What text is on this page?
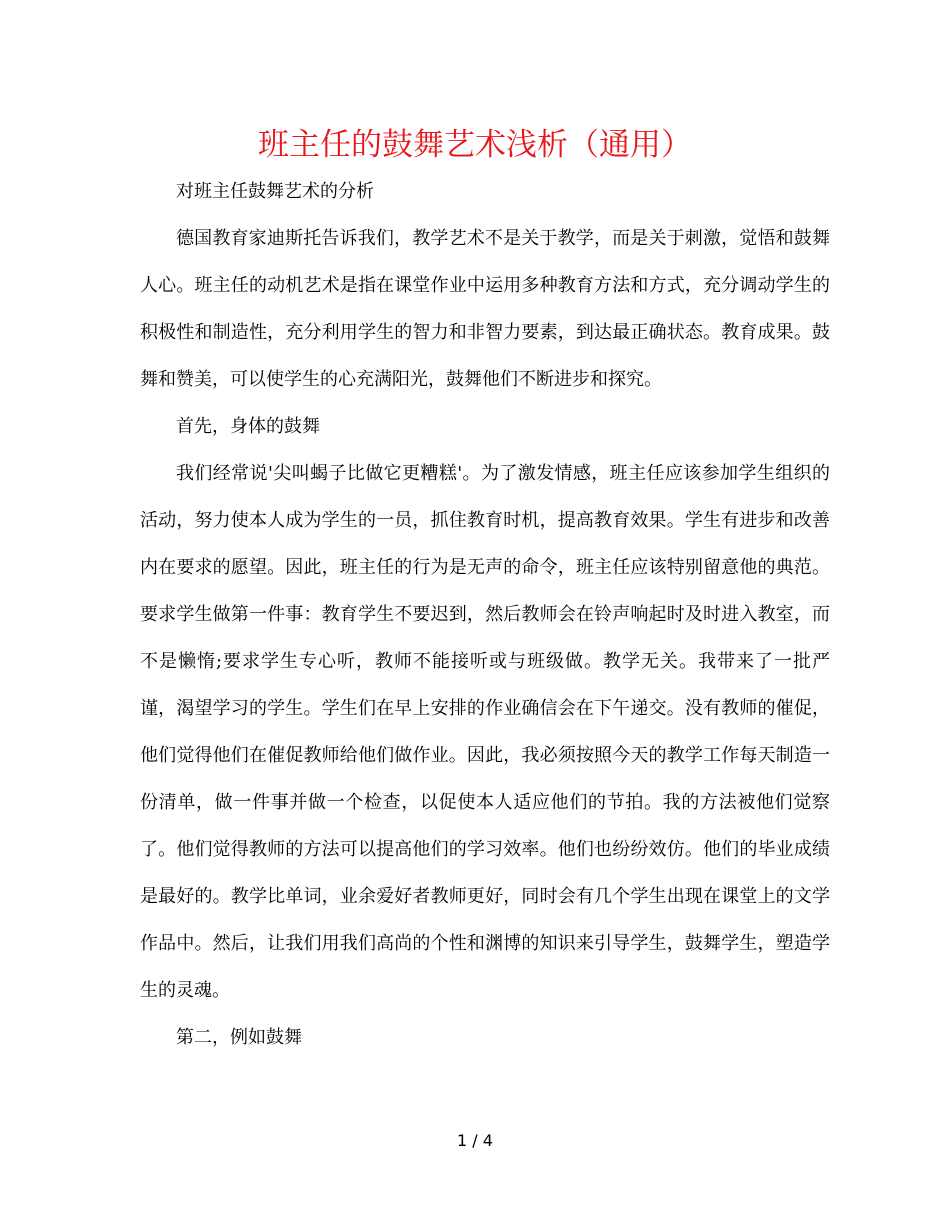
班主任的鼓舞艺术浅析（通用）

对班主任鼓舞艺术的分析

德国教育家迪斯托告诉我们，教学艺术不是关于教学，而是关于刺激，觉悟和鼓舞人心。班主任的动机艺术是指在课堂作业中运用多种教育方法和方式，充分调动学生的积极性和制造性，充分利用学生的智力和非智力要素，到达最正确状态。教育成果。鼓舞和赞美，可以使学生的心充满阳光，鼓舞他们不断进步和探究。

首先，身体的鼓舞

我们经常说'尖叫蝎子比做它更糟糕'。为了激发情感，班主任应该参加学生组织的活动，努力使本人成为学生的一员，抓住教育时机，提高教育效果。学生有进步和改善内在要求的愿望。因此，班主任的行为是无声的命令，班主任应该特别留意他的典范。要求学生做第一件事：教育学生不要迟到，然后教师会在铃声响起时及时进入教室，而不是懒惰;要求学生专心听，教师不能接听或与班级做。教学无关。我带来了一批严谨，渴望学习的学生。学生们在早上安排的作业确信会在下午递交。没有教师的催促，他们觉得他们在催促教师给他们做作业。因此，我必须按照今天的教学工作每天制造一份清单，做一件事并做一个检查，以促使本人适应他们的节拍。我的方法被他们觉察了。他们觉得教师的方法可以提高他们的学习效率。他们也纷纷效仿。他们的毕业成绩是最好的。教学比单词，业余爱好者教师更好，同时会有几个学生出现在课堂上的文学作品中。然后，让我们用我们高尚的个性和渊博的知识来引导学生，鼓舞学生，塑造学生的灵魂。

第二，例如鼓舞

1 / 4
